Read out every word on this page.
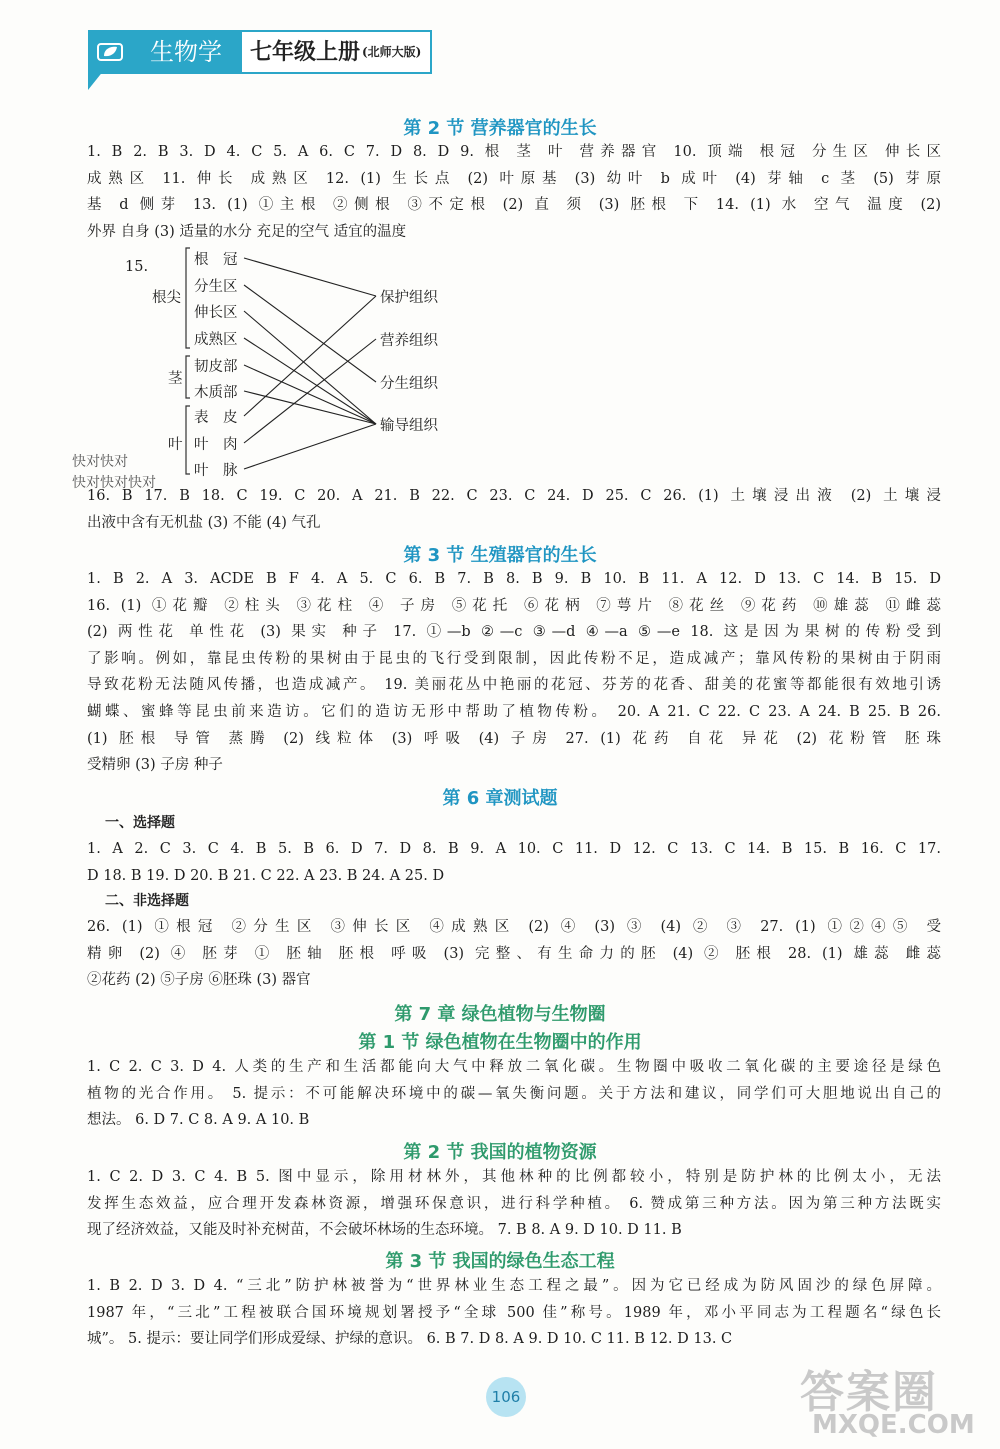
生物学	七年级上册 (北师大版)
第 2 节 营养器官的生长
1. B 2. B 3. D 4. C 5. A 6. C 7. D 8. D 9. 根 茎 叶 营养器官 10. 顶端 根冠 分生区 伸长区
成熟区 11. 伸长 成熟区 12. (1) 生长点 (2) 叶原基 (3) 幼叶 b 成叶 (4) 芽轴 c 茎 (5) 芽原
基 d 侧芽 13. (1) ①主根 ②侧根 ③不定根 (2) 直 须 (3) 胚根 下 14. (1) 水 空气 温度 (2)
外界 自身 (3) 适量的水分 充足的空气 适宜的温度
15.
根尖
茎
叶
根　冠
分生区
伸长区
成熟区
韧皮部
木质部
表　皮
叶　肉
叶　脉
保护组织
营养组织
分生组织
输导组织
快对快对
快对快对快对
16. B 17. B 18. C 19. C 20. A 21. B 22. C 23. C 24. D 25. C 26. (1) 土壤浸出液 (2) 土壤浸
出液中含有无机盐 (3) 不能 (4) 气孔
第 3 节 生殖器官的生长
1. B 2. A 3. ACDE B F 4. A 5. C 6. B 7. B 8. B 9. B 10. B 11. A 12. D 13. C 14. B 15. D
16. (1) ①花瓣 ②柱头 ③花柱 ④ 子房 ⑤花托 ⑥花柄 ⑦萼片 ⑧花丝 ⑨花药 ⑩雄蕊 ⑪雌蕊
(2) 两性花 单性花 (3) 果实 种子 17. ①—b ②—c ③—d ④—a ⑤—e 18. 这是因为果树的传粉受到
了影响。例如，靠昆虫传粉的果树由于昆虫的飞行受到限制，因此传粉不足，造成减产；靠风传粉的果树由于阴雨
导致花粉无法随风传播，也造成减产。 19. 美丽花丛中艳丽的花冠、芬芳的花香、甜美的花蜜等都能很有效地引诱
蝴蝶、蜜蜂等昆虫前来造访。它们的造访无形中帮助了植物传粉。 20. A 21. C 22. C 23. A 24. B 25. B 26.
(1) 胚根 导管 蒸腾 (2) 线粒体 (3) 呼吸 (4) 子房 27. (1) 花药 自花 异花 (2) 花粉管 胚珠
受精卵 (3) 子房 种子
第 6 章测试题
一、选择题
1. A 2. C 3. C 4. B 5. B 6. D 7. D 8. B 9. A 10. C 11. D 12. C 13. C 14. B 15. B 16. C 17.
D 18. B 19. D 20. B 21. C 22. A 23. B 24. A 25. D
二、非选择题
26. (1) ①根冠 ②分生区 ③伸长区 ④成熟区 (2) ④ (3) ③ (4) ② ③ 27. (1) ①②④⑤ 受
精卵 (2) ④ 胚芽 ① 胚轴 胚根 呼吸 (3) 完整、有生命力的胚 (4) ② 胚根 28. (1) 雄蕊 雌蕊
②花药 (2) ⑤子房 ⑥胚珠 (3) 器官
第 7 章 绿色植物与生物圈
第 1 节 绿色植物在生物圈中的作用
1. C 2. C 3. D 4. 人类的生产和生活都能向大气中释放二氧化碳。生物圈中吸收二氧化碳的主要途径是绿色
植物的光合作用。 5. 提示：不可能解决环境中的碳—氧失衡问题。关于方法和建议，同学们可大胆地说出自己的
想法。 6. D 7. C 8. A 9. A 10. B
第 2 节 我国的植物资源
1. C 2. D 3. C 4. B 5. 图中显示，除用材林外，其他林种的比例都较小，特别是防护林的比例太小，无法
发挥生态效益，应合理开发森林资源，增强环保意识，进行科学种植。 6. 赞成第三种方法。因为第三种方法既实
现了经济效益，又能及时补充树苗，不会破坏林场的生态环境。 7. B 8. A 9. D 10. D 11. B
第 3 节 我国的绿色生态工程
1. B 2. D 3. D 4. “三北”防护林被誉为“世界林业生态工程之最”。因为它已经成为防风固沙的绿色屏障。
1987 年，“三北”工程被联合国环境规划署授予“全球 500 佳”称号。1989 年，邓小平同志为工程题名“绿色长
城”。 5. 提示：要让同学们形成爱绿、护绿的意识。 6. B 7. D 8. A 9. D 10. C 11. B 12. D 13. C
106	答案圈
MXQE.COM
